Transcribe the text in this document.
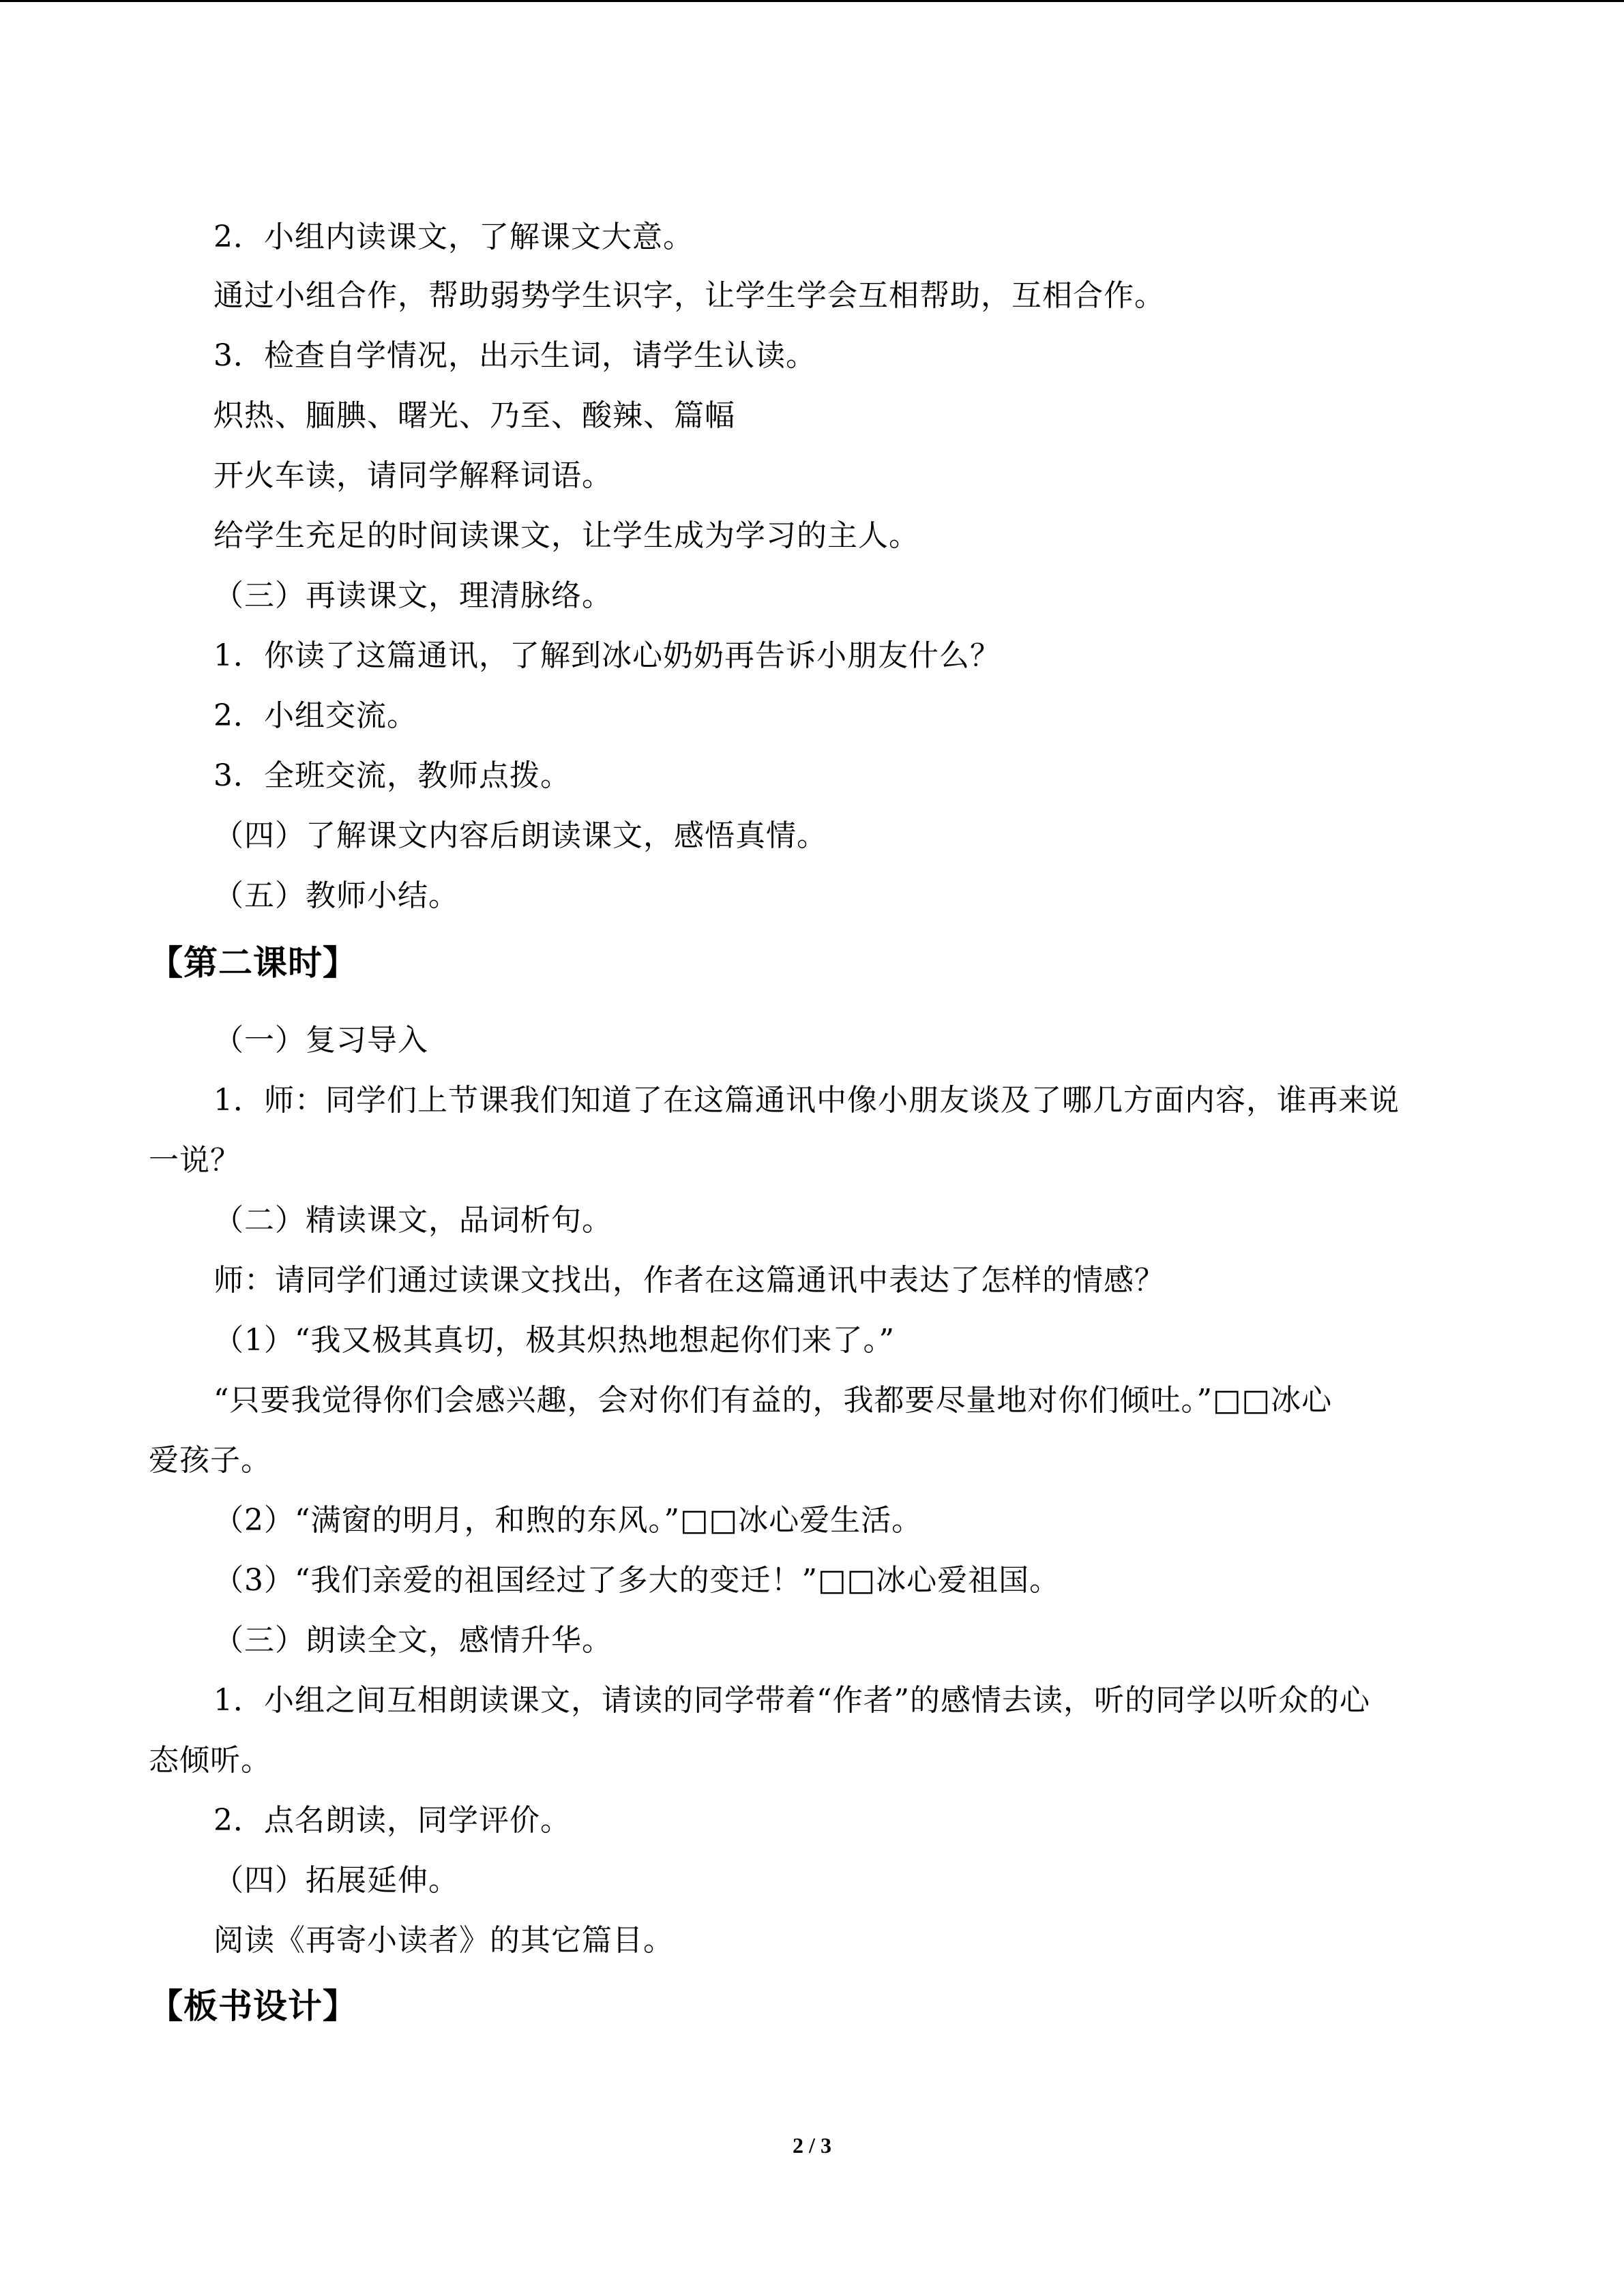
2．小组内读课文，了解课文大意。
通过小组合作，帮助弱势学生识字，让学生学会互相帮助，互相合作。
3．检查自学情况，出示生词，请学生认读。
炽热、腼腆、曙光、乃至、酸辣、篇幅
开火车读，请同学解释词语。
给学生充足的时间读课文，让学生成为学习的主人。
（三）再读课文，理清脉络。
1．你读了这篇通讯，了解到冰心奶奶再告诉小朋友什么？
2．小组交流。
3．全班交流，教师点拨。
（四）了解课文内容后朗读课文，感悟真情。
（五）教师小结。
【第二课时】
（一）复习导入
1．师：同学们上节课我们知道了在这篇通讯中像小朋友谈及了哪几方面内容，谁再来说
一说？
（二）精读课文，品词析句。
师：请同学们通过读课文找出，作者在这篇通讯中表达了怎样的情感？
（1）“我又极其真切，极其炽热地想起你们来了。”
“只要我觉得你们会感兴趣，会对你们有益的，我都要尽量地对你们倾吐。”□□冰心
爱孩子。
（2）“满窗的明月，和煦的东风。”□□冰心爱生活。
（3）“我们亲爱的祖国经过了多大的变迁！”□□冰心爱祖国。
（三）朗读全文，感情升华。
1．小组之间互相朗读课文，请读的同学带着“作者”的感情去读，听的同学以听众的心
态倾听。
2．点名朗读，同学评价。
（四）拓展延伸。
阅读《再寄小读者》的其它篇目。
【板书设计】
2 / 3
